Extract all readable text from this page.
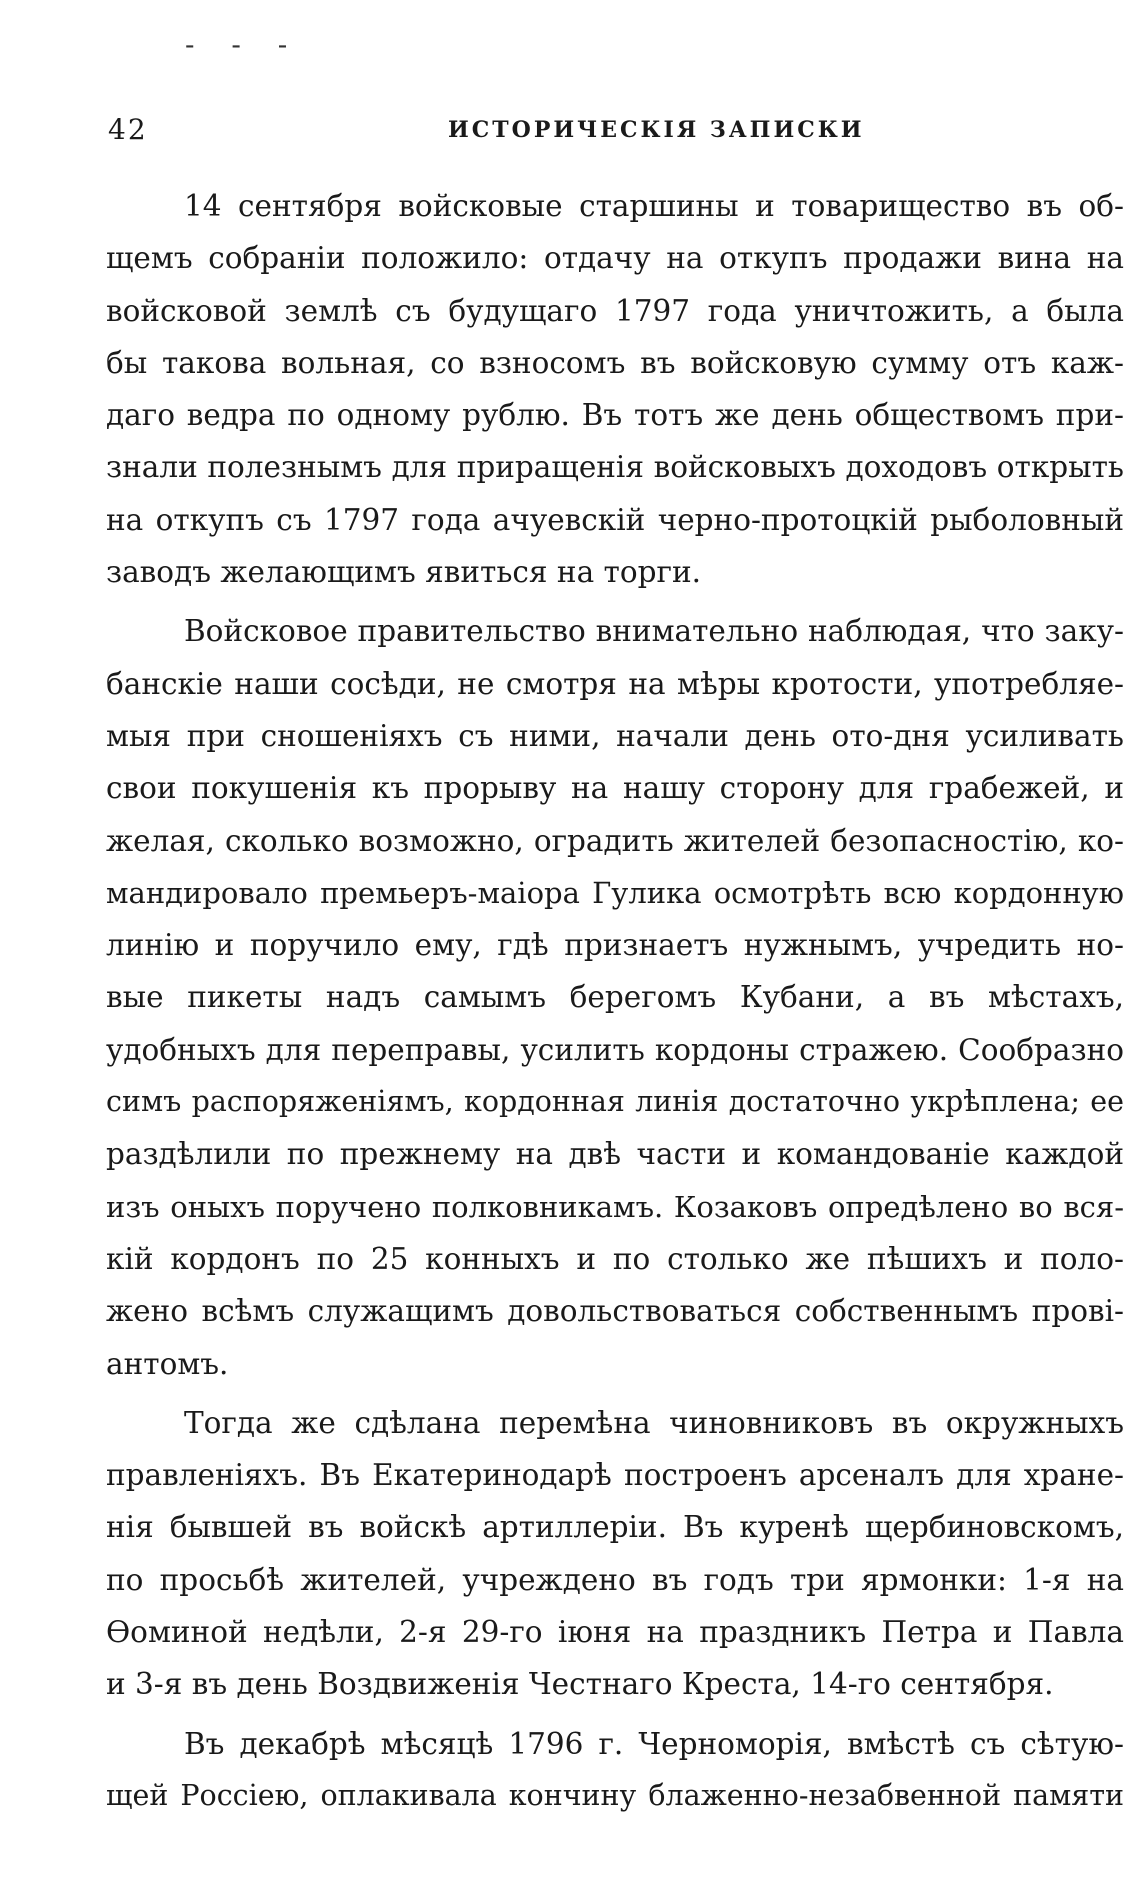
- - -
42	ИСТОРИЧЕСКІЯ ЗАПИСКИ
14 сентября войсковые старшины и товарищество въ об-
щемъ собраніи положило: отдачу на откупъ продажи вина на
войсковой землѣ съ будущаго 1797 года уничтожить, а была
бы такова вольная, со взносомъ въ войсковую сумму отъ каж-
даго ведра по одному рублю. Въ тотъ же день обществомъ при-
знали полезнымъ для приращенія войсковыхъ доходовъ открыть
на откупъ съ 1797 года ачуевскій черно-протоцкій рыболовный
заводъ желающимъ явиться на торги.
Войсковое правительство внимательно наблюдая, что заку-
банскіе наши сосѣди, не смотря на мѣры кротости, употребляе-
мыя при сношеніяхъ съ ними, начали день ото-дня усиливать
свои покушенія къ прорыву на нашу сторону для грабежей, и
желая, сколько возможно, оградить жителей безопасностію, ко-
мандировало премьеръ-маіора Гулика осмотрѣть всю кордонную
линію и поручило ему, гдѣ признаетъ нужнымъ, учредить но-
вые пикеты надъ самымъ берегомъ Кубани, а въ мѣстахъ,
удобныхъ для переправы, усилить кордоны стражею. Сообразно
симъ распоряженіямъ, кордонная линія достаточно укрѣплена; ее
раздѣлили по прежнему на двѣ части и командованіе каждой
изъ оныхъ поручено полковникамъ. Козаковъ опредѣлено во вся-
кій кордонъ по 25 конныхъ и по столько же пѣшихъ и поло-
жено всѣмъ служащимъ довольствоваться собственнымъ прові-
антомъ.
Тогда же сдѣлана перемѣна чиновниковъ въ окружныхъ
правленіяхъ. Въ Екатеринодарѣ построенъ арсеналъ для хране-
нія бывшей въ войскѣ артиллеріи. Въ куренѣ щербиновскомъ,
по просьбѣ жителей, учреждено въ годъ три ярмонки: 1-я на
Ѳоминой недѣли, 2-я 29-го іюня на праздникъ Петра и Павла
и 3-я въ день Воздвиженія Честнаго Креста, 14-го сентября.
Въ декабрѣ мѣсяцѣ 1796 г. Черноморія, вмѣстѣ съ сѣтую-
щей Россіею, оплакивала кончину блаженно-незабвенной памяти
